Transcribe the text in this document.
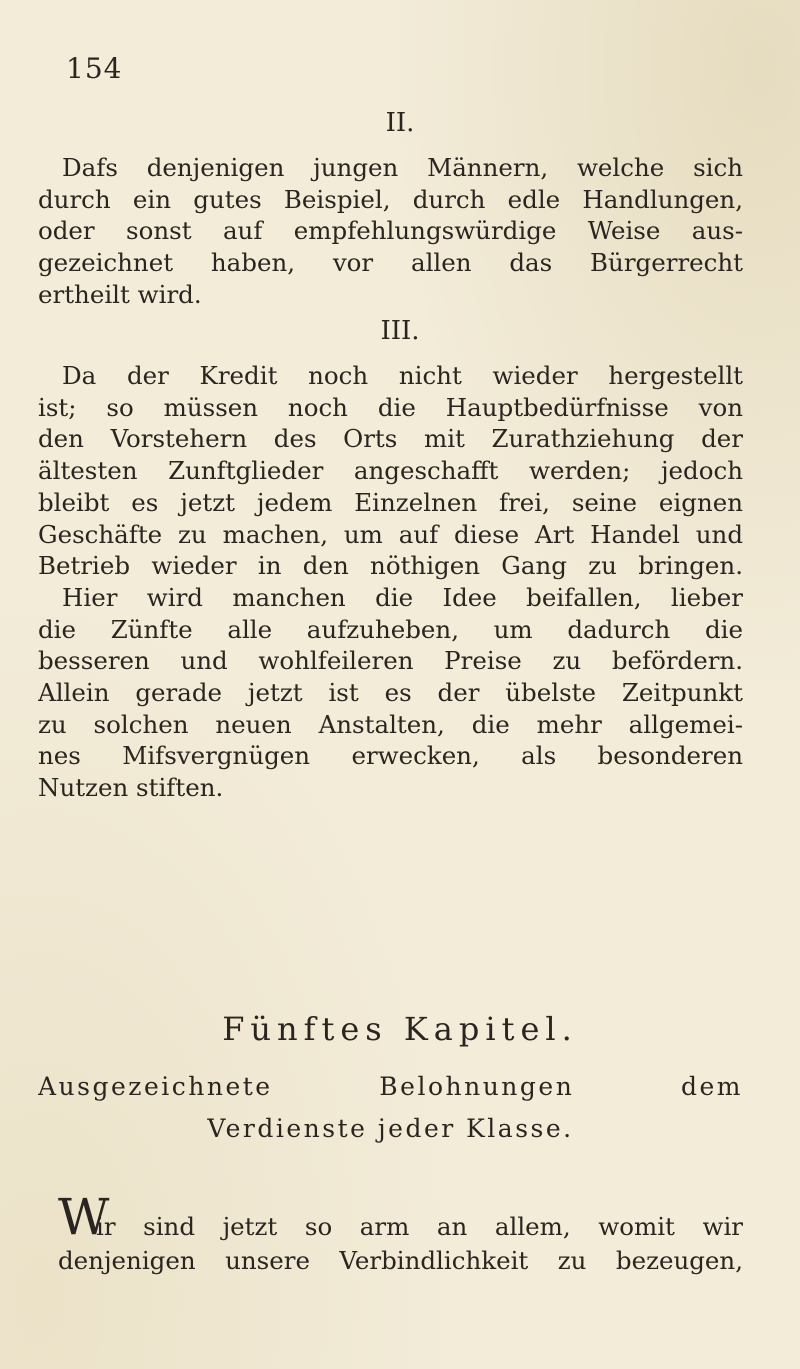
154
II.
Dafs denjenigen jungen Männern, welche sich
durch ein gutes Beispiel, durch edle Handlungen,
oder sonst auf empfehlungswürdige Weise aus-
gezeichnet haben, vor allen das Bürgerrecht
ertheilt wird.
III.
Da der Kredit noch nicht wieder hergestellt
ist; so müssen noch die Hauptbedürfnisse von
den Vorstehern des Orts mit Zurathziehung der
ältesten Zunftglieder angeschafft werden; jedoch
bleibt es jetzt jedem Einzelnen frei, seine eignen
Geschäfte zu machen, um auf diese Art Handel und
Betrieb wieder in den nöthigen Gang zu bringen.
Hier wird manchen die Idee beifallen, lieber
die Zünfte alle aufzuheben, um dadurch die
besseren und wohlfeileren Preise zu befördern.
Allein gerade jetzt ist es der übelste Zeitpunkt
zu solchen neuen Anstalten, die mehr allgemei-
nes Mifsvergnügen erwecken, als besonderen
Nutzen stiften.
Fünftes Kapitel.
Ausgezeichnete Belohnungen dem
Verdienste jeder Klasse.
W
ir sind jetzt so arm an allem, womit wir
denjenigen unsere Verbindlichkeit zu bezeugen,
